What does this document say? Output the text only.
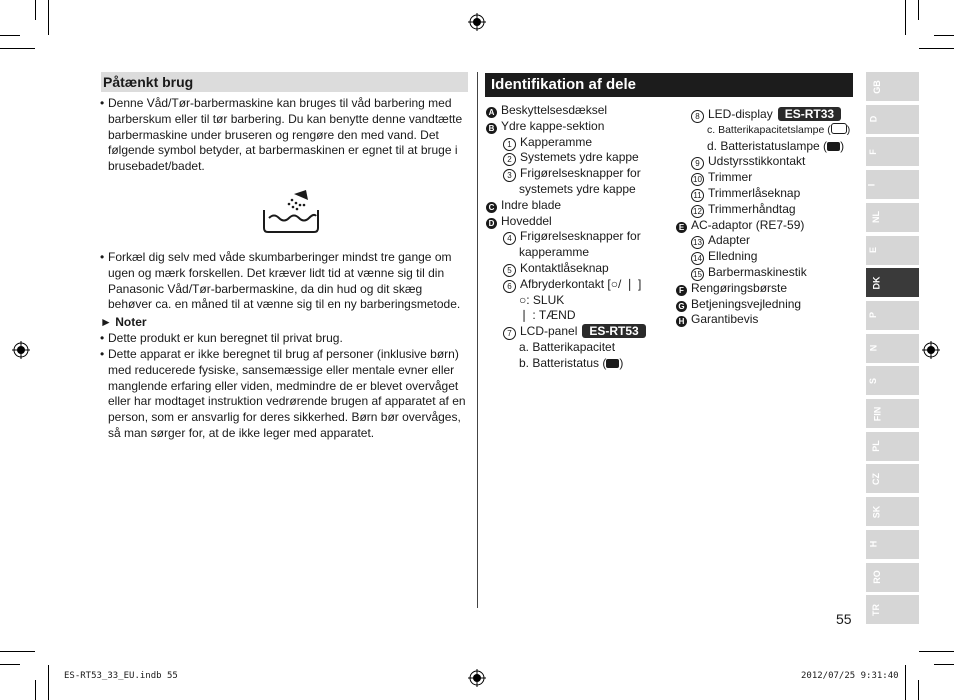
Påtænkt brug
• Denne Våd/Tør-barbermaskine kan bruges til våd barbering med
barberskum eller til tør barbering. Du kan benytte denne vandtætte
barbermaskine under bruseren og rengøre den med vand. Det
følgende symbol betyder, at barbermaskinen er egnet til at bruge i
brusebadet/badet.
• Forkæl dig selv med våde skumbarberinger mindst tre gange om
ugen og mærk forskellen. Det kræver lidt tid at vænne sig til din
Panasonic Våd/Tør-barbermaskine, da din hud og dit skæg
behøver ca. en måned til at vænne sig til en ny barberingsmetode.
► Noter
• Dette produkt er kun beregnet til privat brug.
• Dette apparat er ikke beregnet til brug af personer (inklusive børn)
med reducerede fysiske, sansemæssige eller mentale evner eller
manglende erfaring eller viden, medmindre de er blevet overvåget
eller har modtaget instruktion vedrørende brugen af apparatet af en
person, som er ansvarlig for deres sikkerhed. Børn bør overvåges,
så man sørger for, at de ikke leger med apparatet.
Identifikation af dele
A Beskyttelsesdæksel
B Ydre kappe-sektion
1 Kapperamme
2 Systemets ydre kappe
3 Frigørelsesknapper for
systemets ydre kappe
C Indre blade
D Hoveddel
4 Frigørelsesknapper for
kapperamme
5 Kontaktlåseknap
6 Afbryderkontakt [○/ ❘ ]
○: SLUK
❘ : TÆND
7 LCD-panel ES-RT53
a. Batterikapacitet
b. Batteristatus ( )
8 LED-display ES-RT33
c. Batterikapacitetslampe ( )
d. Batteristatuslampe ( )
9 Udstyrsstikkontakt
10 Trimmer
11 Trimmerlåseknap
12 Trimmerhåndtag
E AC-adaptor (RE7-59)
13 Adapter
14 Elledning
15 Barbermaskinestik
F Rengøringsbørste
G Betjeningsvejledning
H Garantibevis
GB
D
F
I
NL
E
DK
P
N
S
FIN
PL
CZ
SK
H
RO
TR
55
ES-RT53_33_EU.indb 55	2012/07/25 9:31:40
